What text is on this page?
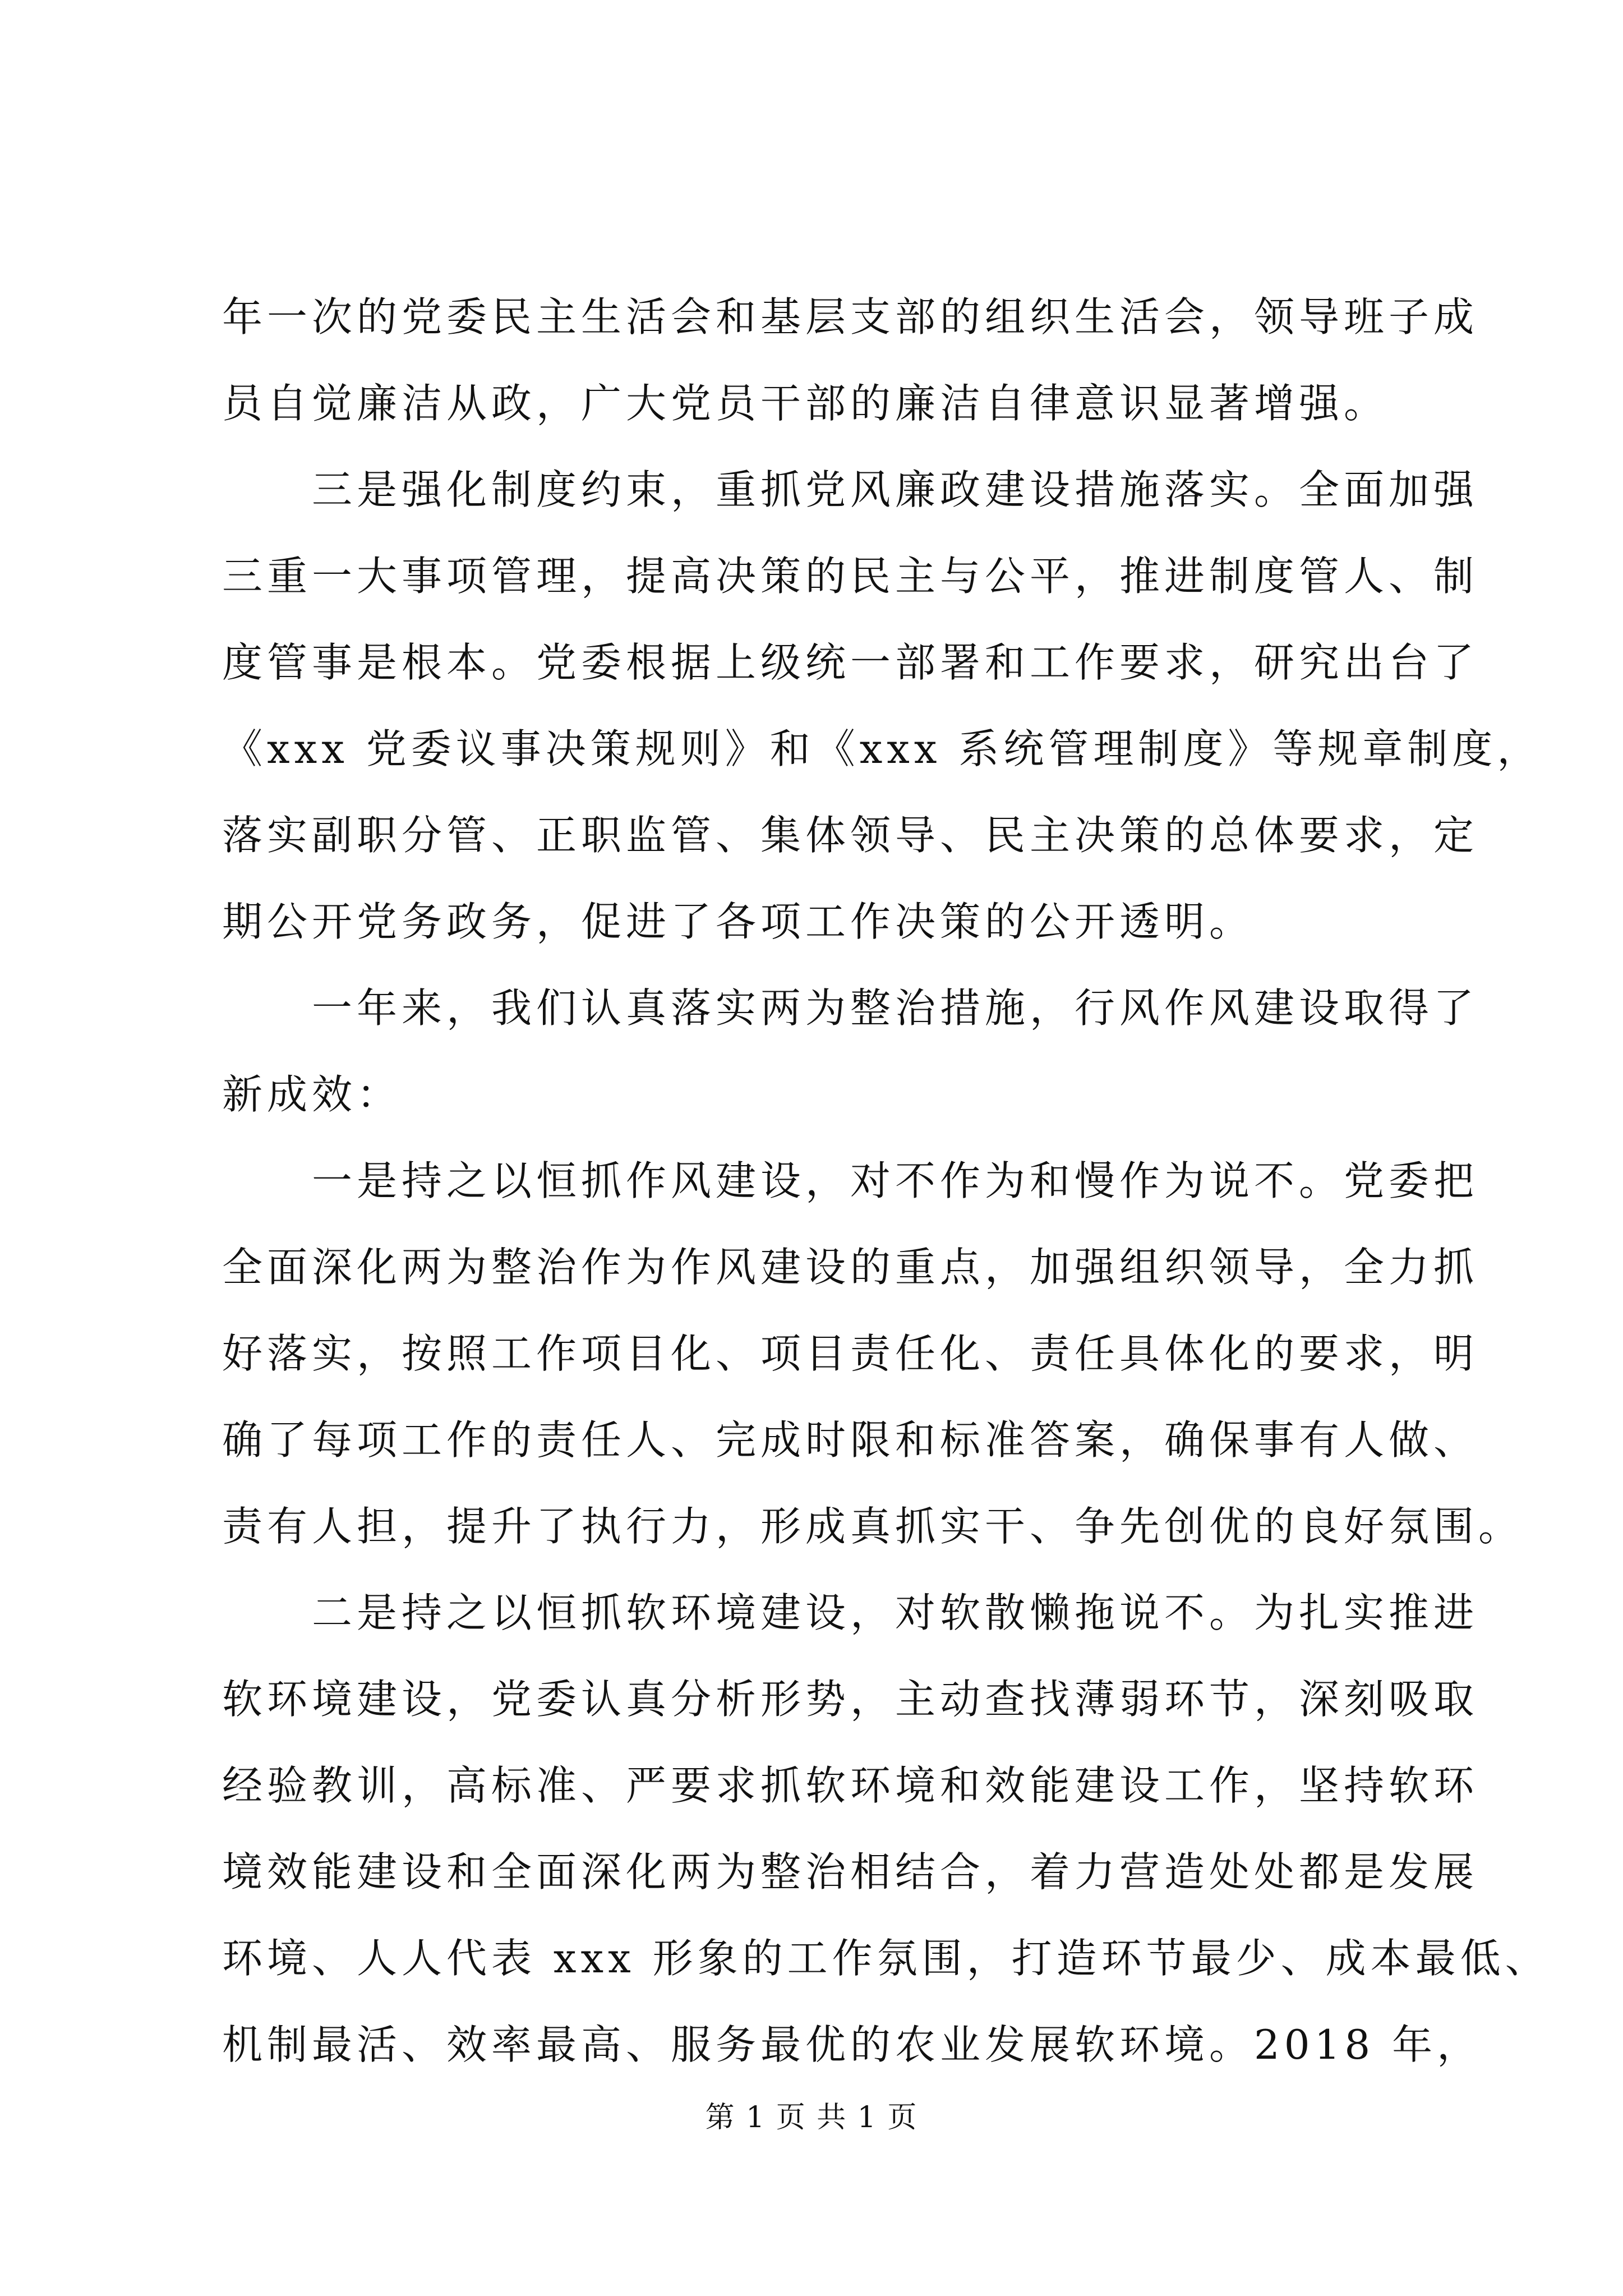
年一次的党委民主生活会和基层支部的组织生活会，领导班子成
员自觉廉洁从政，广大党员干部的廉洁自律意识显著增强。
三是强化制度约束，重抓党风廉政建设措施落实。全面加强
三重一大事项管理，提高决策的民主与公平，推进制度管人、制
度管事是根本。党委根据上级统一部署和工作要求，研究出台了
《xxx 党委议事决策规则》和《xxx 系统管理制度》等规章制度，
落实副职分管、正职监管、集体领导、民主决策的总体要求，定
期公开党务政务，促进了各项工作决策的公开透明。
一年来，我们认真落实两为整治措施，行风作风建设取得了
新成效：
一是持之以恒抓作风建设，对不作为和慢作为说不。党委把
全面深化两为整治作为作风建设的重点，加强组织领导，全力抓
好落实，按照工作项目化、项目责任化、责任具体化的要求，明
确了每项工作的责任人、完成时限和标准答案，确保事有人做、
责有人担，提升了执行力，形成真抓实干、争先创优的良好氛围。
二是持之以恒抓软环境建设，对软散懒拖说不。为扎实推进
软环境建设，党委认真分析形势，主动查找薄弱环节，深刻吸取
经验教训，高标准、严要求抓软环境和效能建设工作，坚持软环
境效能建设和全面深化两为整治相结合，着力营造处处都是发展
环境、人人代表 xxx 形象的工作氛围，打造环节最少、成本最低、
机制最活、效率最高、服务最优的农业发展软环境。2018 年，
第 1 页 共 1 页
